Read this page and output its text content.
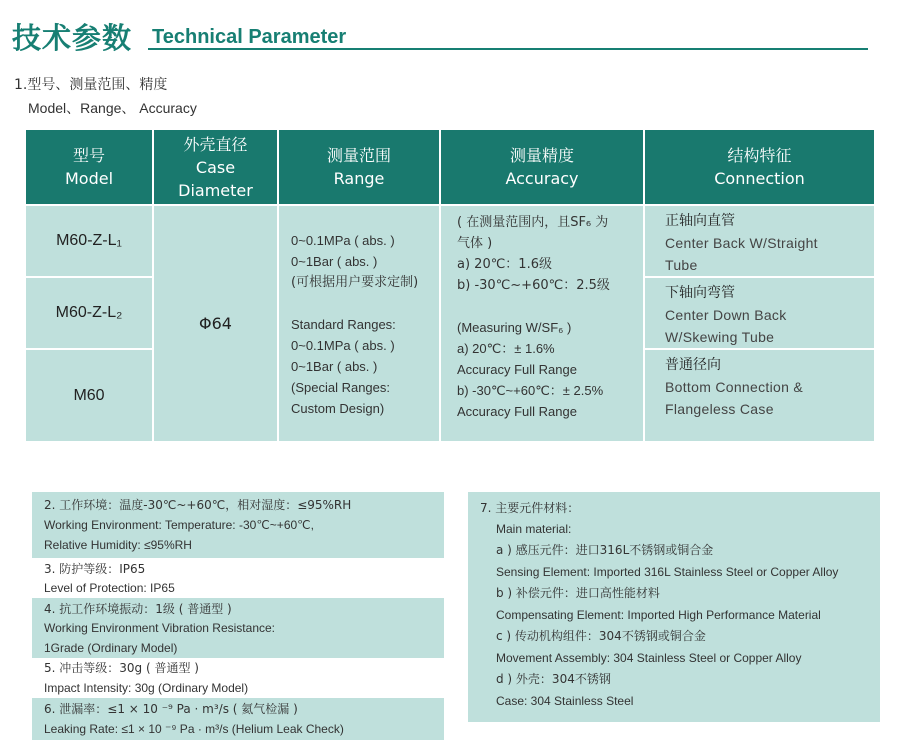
技术参数 Technical Parameter
1.型号、测量范围、精度
Model、Range、 Accuracy
型号
Model
外壳直径
Case
Diameter
测量范围
Range
测量精度
Accuracy
结构特征
Connection
M60-Z-L₁
M60-Z-L₂
M60
Φ64
0~0.1MPa ( abs. )
0~1Bar ( abs. )
(可根据用户要求定制)
Standard Ranges:
0~0.1MPa ( abs. )
0~1Bar ( abs. )
(Special Ranges:
Custom Design)
( 在测量范围内，且SF₆ 为
气体 )
a) 20℃：1.6级
b) -30℃~+60℃：2.5级
(Measuring W/SF₆ )
a) 20℃：± 1.6%
Accuracy Full Range
b) -30℃~+60℃：± 2.5%
Accuracy Full Range
正轴向直管
Center Back W/Straight
Tube
下轴向弯管
Center Down Back
W/Skewing Tube
普通径向
Bottom Connection &
Flangeless Case
2. 工作环境：温度-30℃~+60℃，相对湿度：≤95%RH
Working Environment: Temperature: -30℃~+60℃,
Relative Humidity: ≤95%RH
3. 防护等级：IP65
Level of Protection: IP65
4. 抗工作环境振动：1级 ( 普通型 )
Working Environment Vibration Resistance:
1Grade (Ordinary Model)
5. 冲击等级：30g ( 普通型 )
Impact Intensity: 30g (Ordinary Model)
6. 泄漏率：≤1 × 10 ⁻⁹ Pa · m³/s ( 氦气检漏 )
Leaking Rate: ≤1 × 10 ⁻⁹ Pa · m³/s (Helium Leak Check)
7. 主要元件材料：
Main material:
a ) 感压元件：进口316L不锈钢或铜合金
Sensing Element: Imported 316L Stainless Steel or Copper Alloy
b ) 补偿元件：进口高性能材料
Compensating Element: Imported High Performance Material
c ) 传动机构组件：304不锈钢或铜合金
Movement Assembly: 304 Stainless Steel or Copper Alloy
d ) 外壳：304不锈钢
Case: 304 Stainless Steel
